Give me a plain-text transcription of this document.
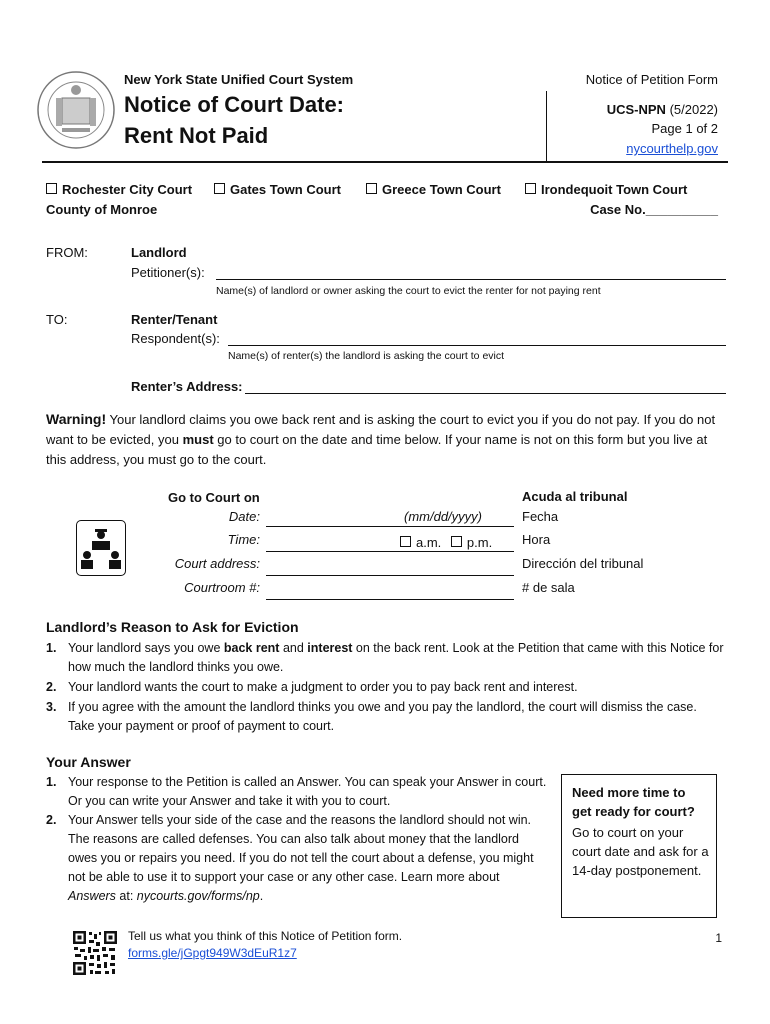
New York State Unified Court System	Notice of Petition Form
Notice of Court Date:
Rent Not Paid
UCS-NPN (5/2022)
Page 1 of 2
nycourthelp.gov
Rochester City Court	Gates Town Court	Greece Town Court	Irondequoit Town Court
County of Monroe	Case No.__________
FROM:	Landlord
Petitioner(s):
Name(s) of landlord or owner asking the court to evict the renter for not paying rent
TO:	Renter/Tenant
Respondent(s):
Name(s) of renter(s) the landlord is asking the court to evict
Renter’s Address:
Warning! Your landlord claims you owe back rent and is asking the court to evict you if you do not pay. If you do not want to be evicted, you must go to court on the date and time below. If your name is not on this form but you live at this address, you must go to the court.
Go to Court on	Acuda al tribunal
Date:	(mm/dd/yyyy)	Fecha
Time:	a.m. p.m. Hora
Court address:	Dirección del tribunal
Courtroom #:	# de sala
Landlord’s Reason to Ask for Eviction
1. Your landlord says you owe back rent and interest on the back rent. Look at the Petition that came with this Notice for how much the landlord thinks you owe.
2. Your landlord wants the court to make a judgment to order you to pay back rent and interest.
3. If you agree with the amount the landlord thinks you owe and you pay the landlord, the court will dismiss the case. Take your payment or proof of payment to court.
Your Answer
1. Your response to the Petition is called an Answer. You can speak your Answer in court. Or you can write your Answer and take it with you to court.
2. Your Answer tells your side of the case and the reasons the landlord should not win. The reasons are called defenses. You can also talk about money that the landlord owes you or repairs you need. If you do not tell the court about a defense, you might not be able to use it to support your case or any other case. Learn more about Answers at: nycourts.gov/forms/np.
Need more time to get ready for court?
Go to court on your court date and ask for a 14-day postponement.
Tell us what you think of this Notice of Petition form.
forms.gle/jGpgt949W3dEuR1z7
1
